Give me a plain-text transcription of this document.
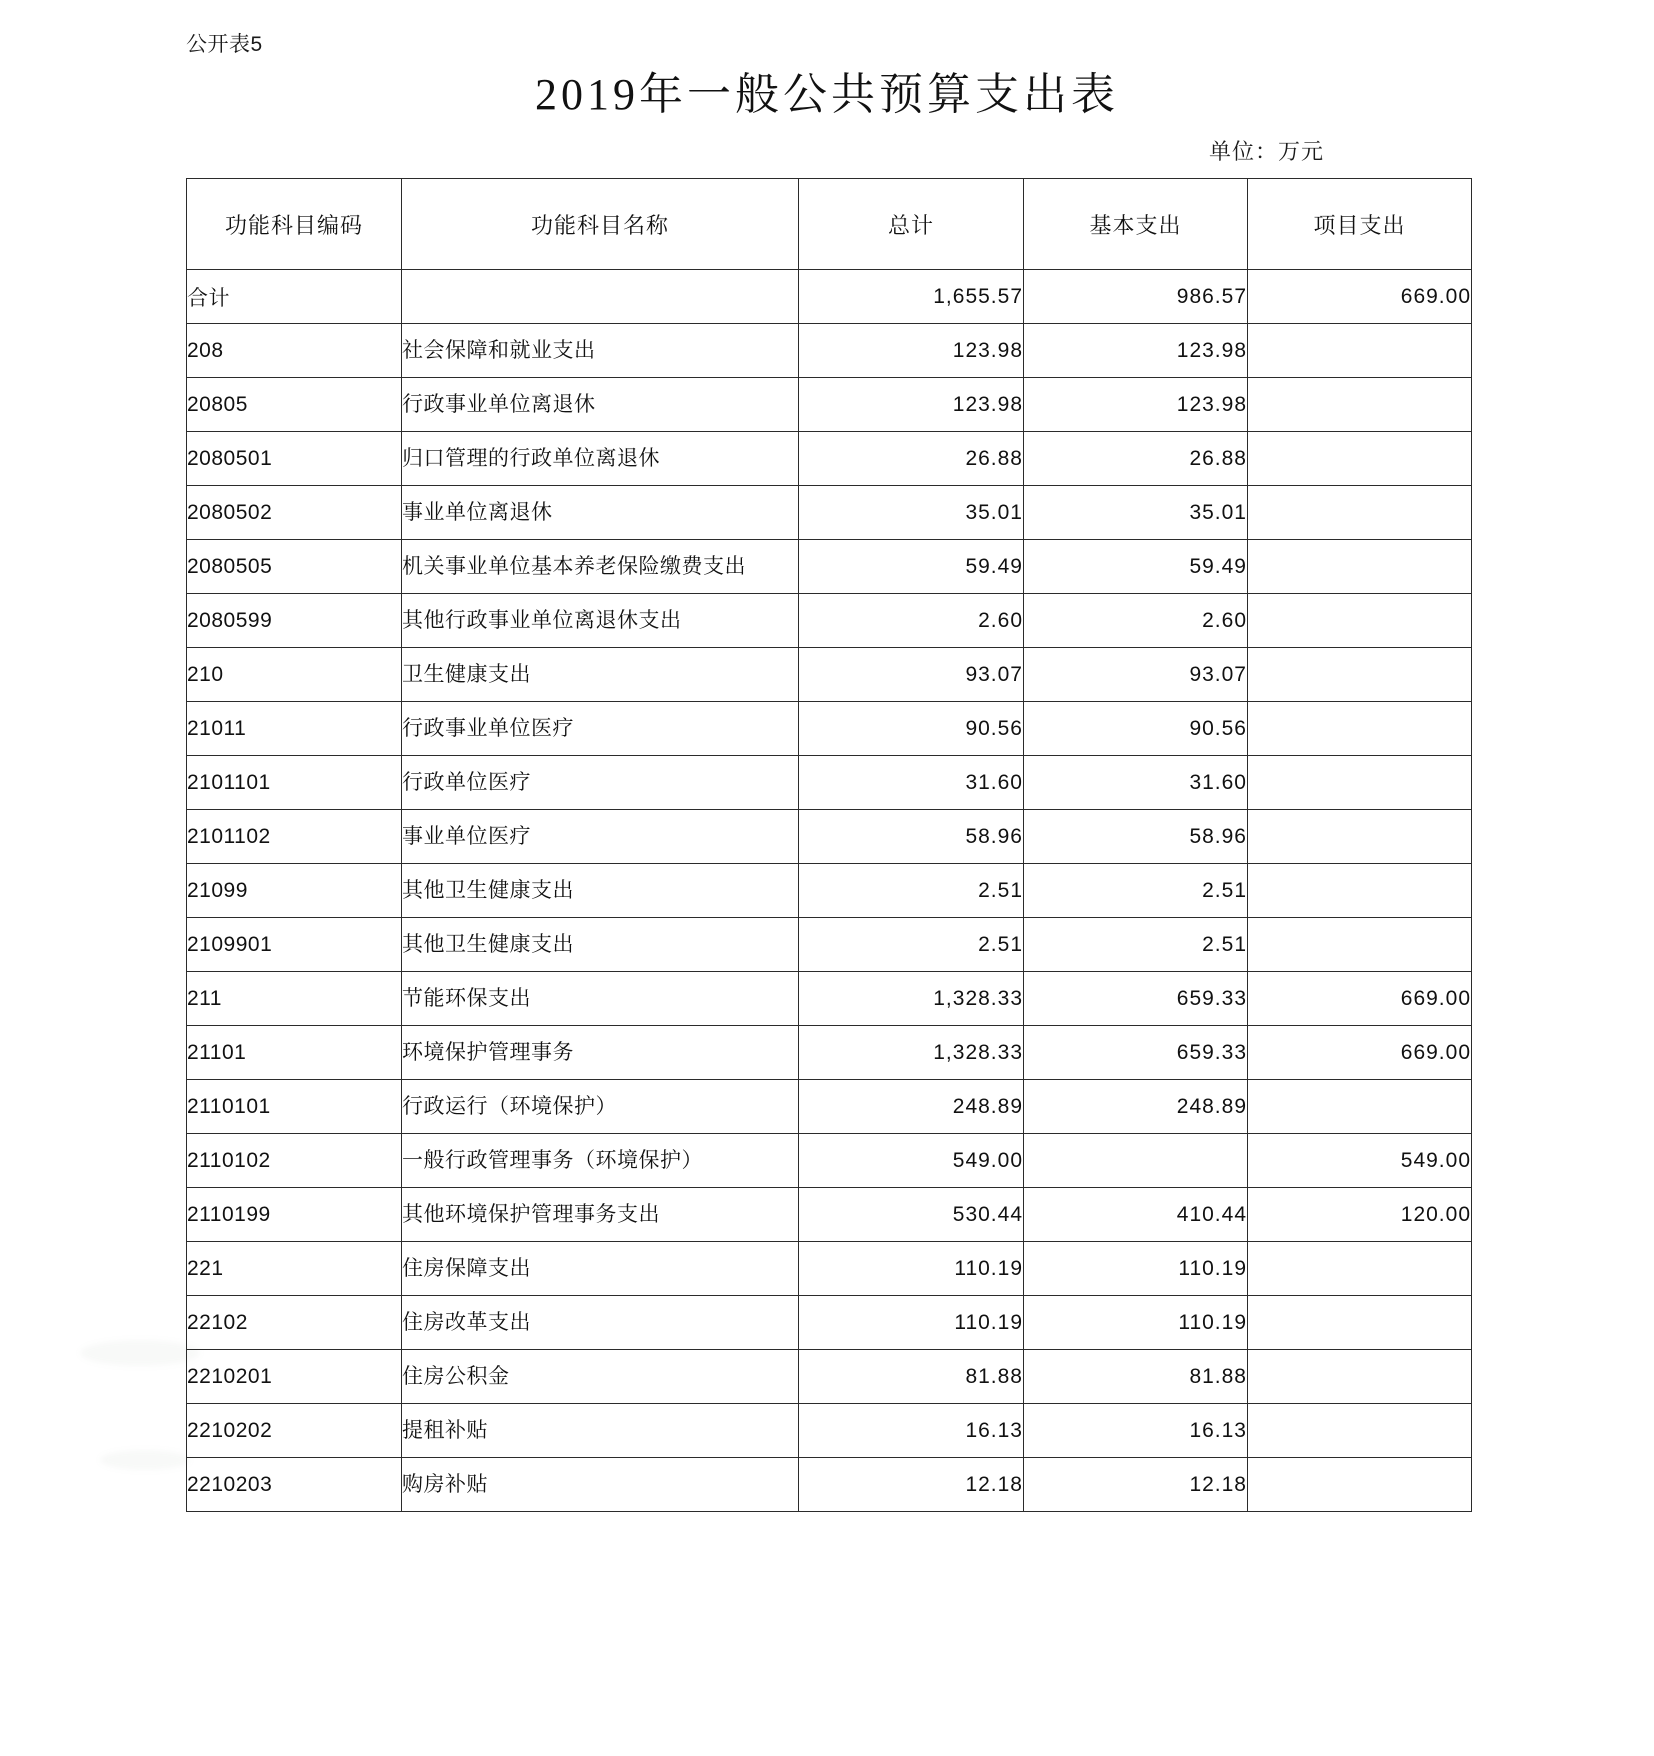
公开表5
2019年一般公共预算支出表
单位：万元
功能科目编码	功能科目名称	总计	基本支出	项目支出
合计		1,655.57	986.57	669.00
208	社会保障和就业支出	123.98	123.98	
20805	行政事业单位离退休	123.98	123.98	
2080501	归口管理的行政单位离退休	26.88	26.88	
2080502	事业单位离退休	35.01	35.01	
2080505	机关事业单位基本养老保险缴费支出	59.49	59.49	
2080599	其他行政事业单位离退休支出	2.60	2.60	
210	卫生健康支出	93.07	93.07	
21011	行政事业单位医疗	90.56	90.56	
2101101	行政单位医疗	31.60	31.60	
2101102	事业单位医疗	58.96	58.96	
21099	其他卫生健康支出	2.51	2.51	
2109901	其他卫生健康支出	2.51	2.51	
211	节能环保支出	1,328.33	659.33	669.00
21101	环境保护管理事务	1,328.33	659.33	669.00
2110101	行政运行（环境保护）	248.89	248.89	
2110102	一般行政管理事务（环境保护）	549.00		549.00
2110199	其他环境保护管理事务支出	530.44	410.44	120.00
221	住房保障支出	110.19	110.19	
22102	住房改革支出	110.19	110.19	
2210201	住房公积金	81.88	81.88	
2210202	提租补贴	16.13	16.13	
2210203	购房补贴	12.18	12.18	
